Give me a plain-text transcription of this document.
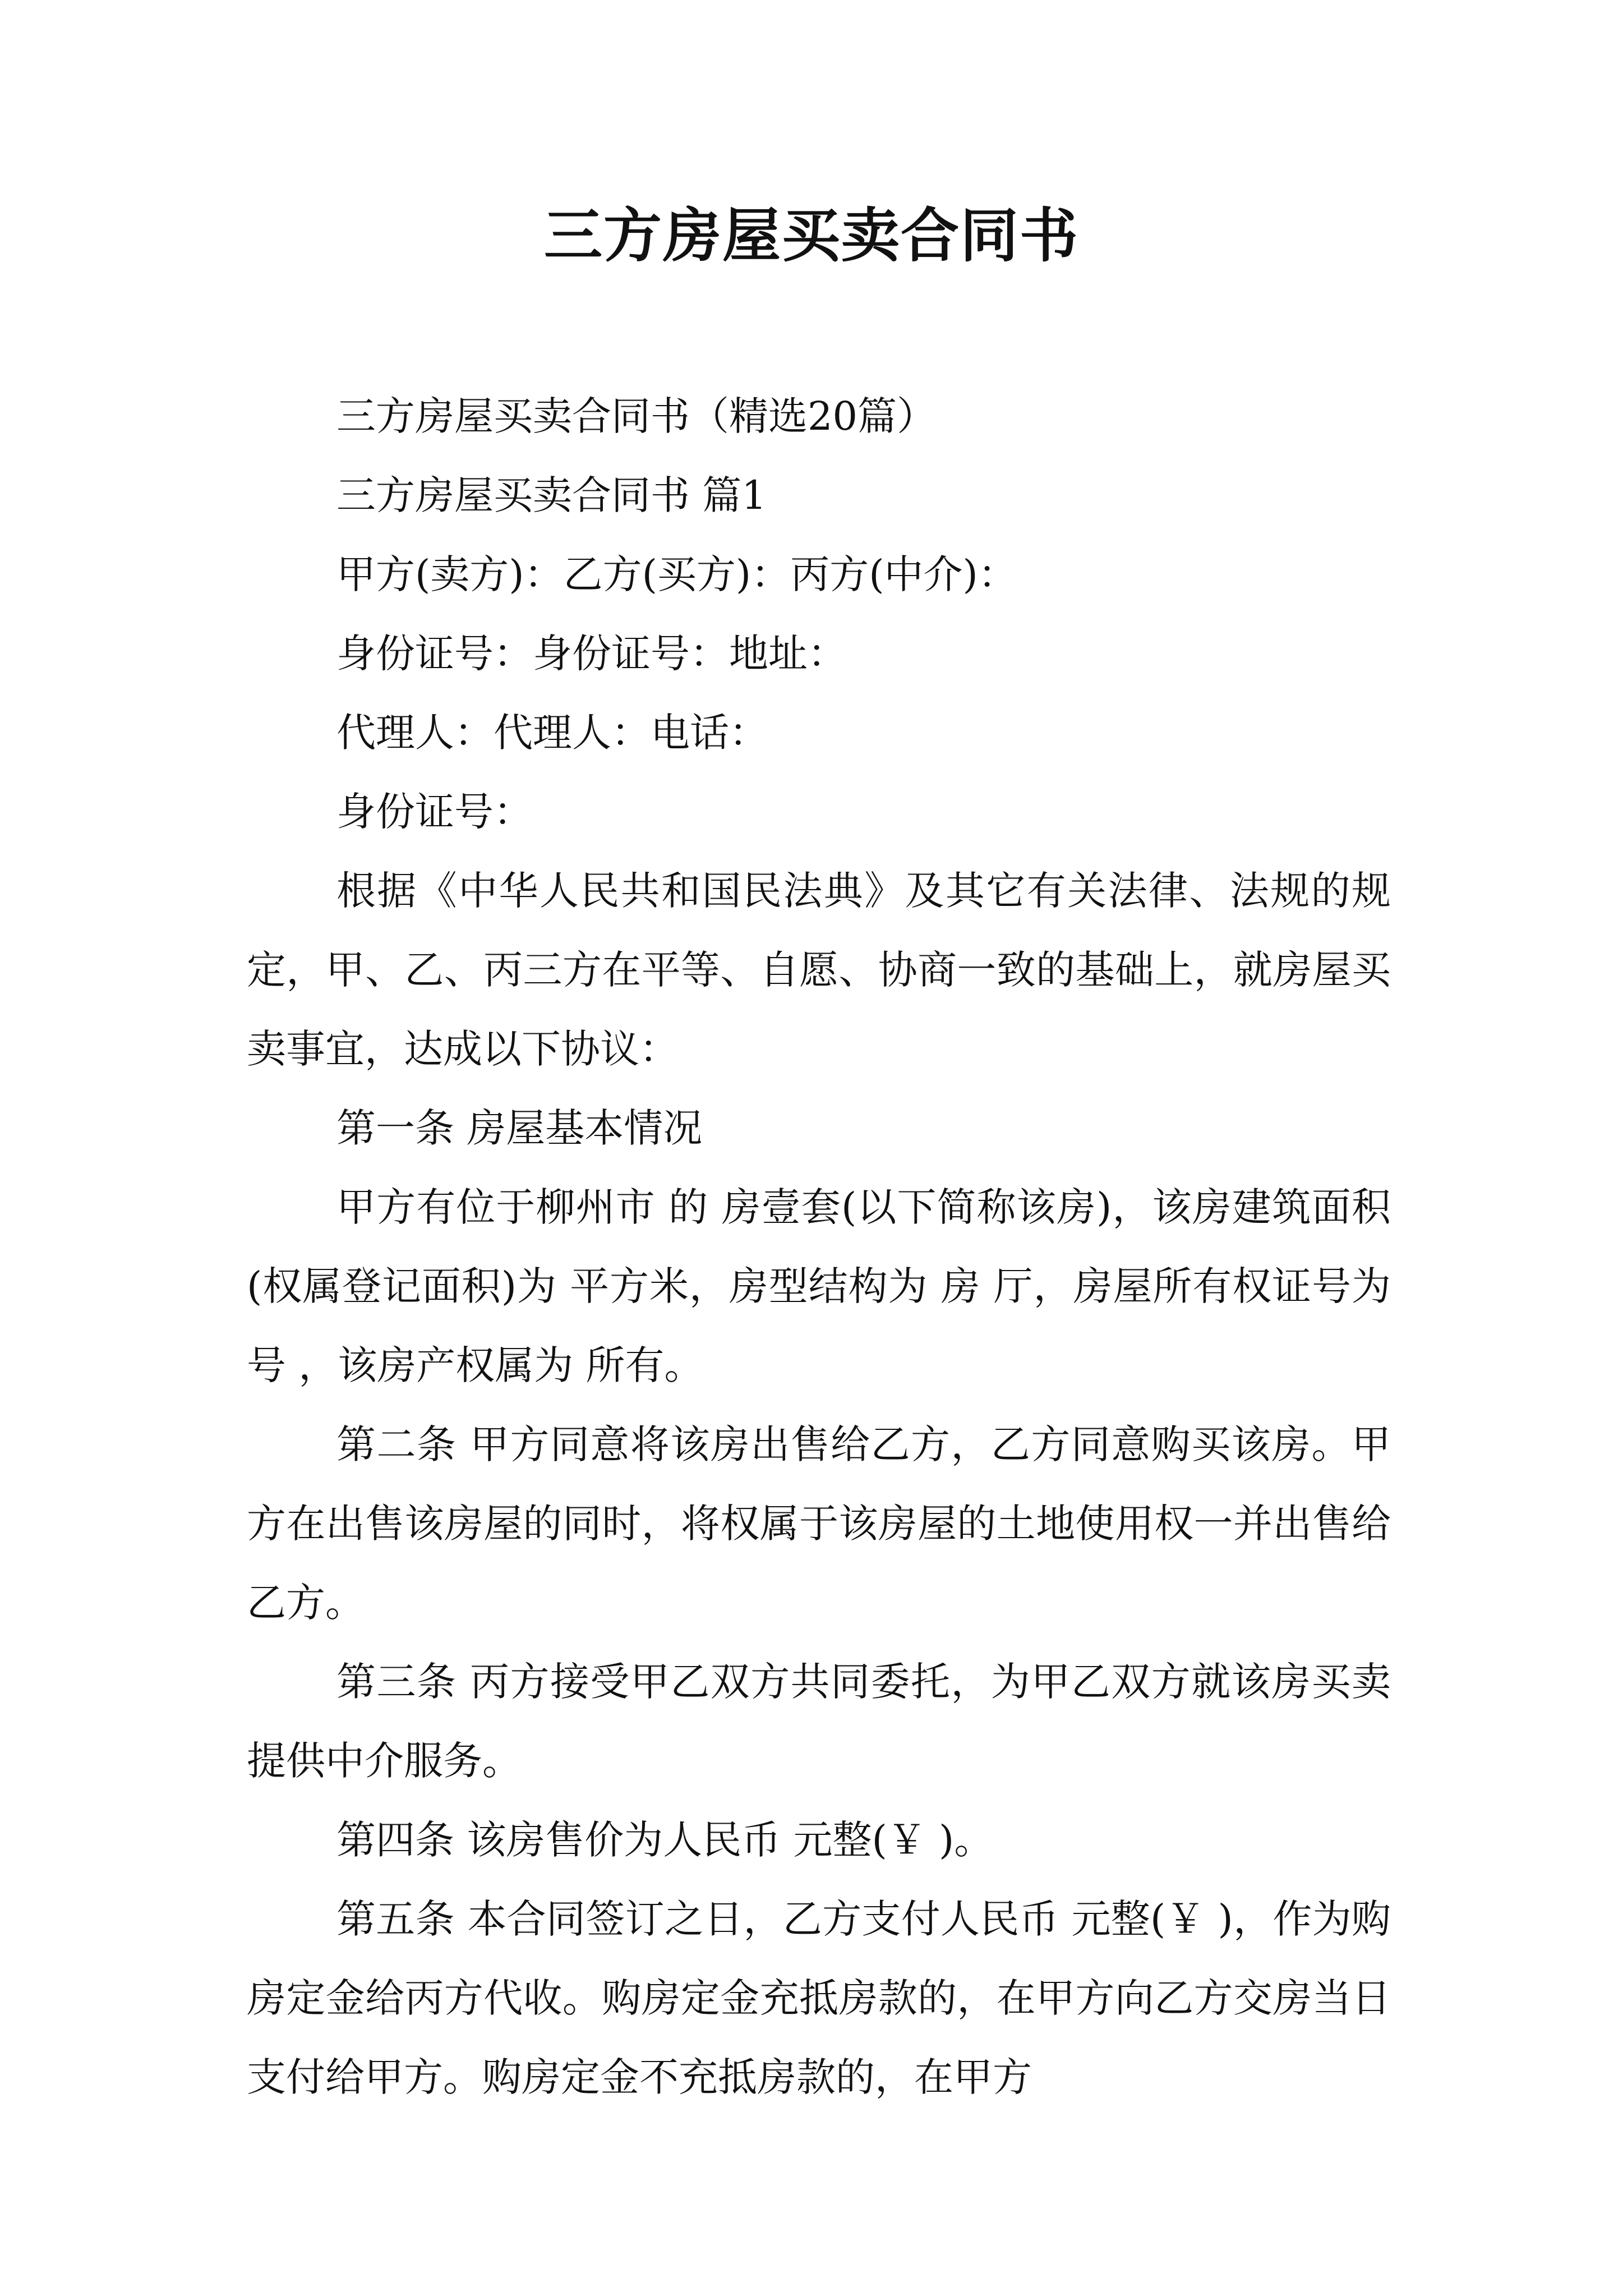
三方房屋买卖合同书

三方房屋买卖合同书（精选20篇）

三方房屋买卖合同书 篇1

甲方(卖方)：乙方(买方)：丙方(中介)：

身份证号：身份证号：地址：

代理人：代理人：电话：

身份证号：

根据《中华人民共和国民法典》及其它有关法律、法规的规定，甲、乙、丙三方在平等、自愿、协商一致的基础上，就房屋买卖事宜，达成以下协议：

第一条 房屋基本情况

甲方有位于柳州市 的 房壹套(以下简称该房)，该房建筑面积(权属登记面积)为 平方米，房型结构为 房 厅，房屋所有权证号为 号 ，该房产权属为 所有。

第二条 甲方同意将该房出售给乙方，乙方同意购买该房。甲方在出售该房屋的同时，将权属于该房屋的土地使用权一并出售给乙方。

第三条 丙方接受甲乙双方共同委托，为甲乙双方就该房买卖提供中介服务。

第四条 该房售价为人民币 元整(￥ )。

第五条 本合同签订之日，乙方支付人民币 元整(￥ )，作为购房定金给丙方代收。购房定金充抵房款的，在甲方向乙方交房当日支付给甲方。购房定金不充抵房款的，在甲方
